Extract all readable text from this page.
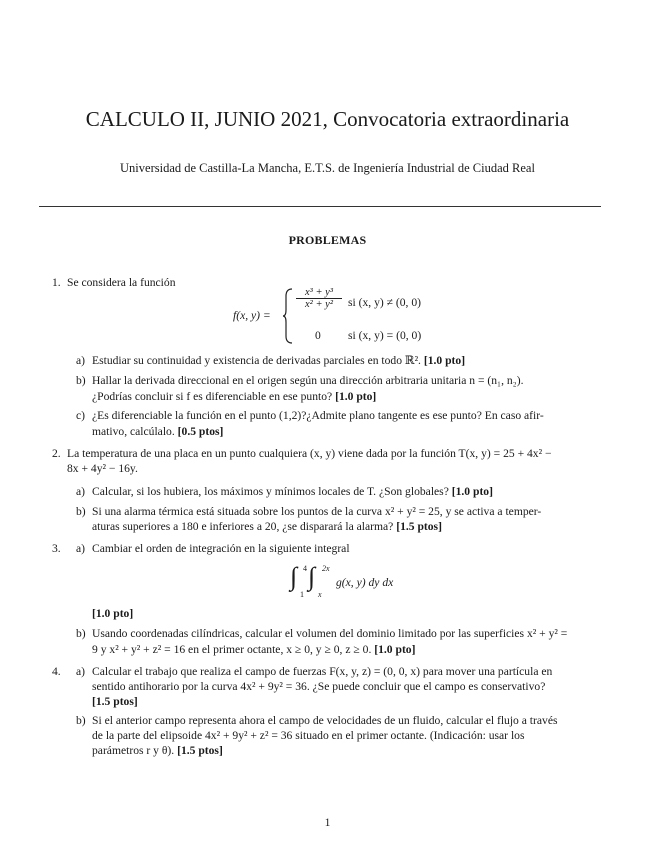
CALCULO II, JUNIO 2021, Convocatoria extraordinaria
Universidad de Castilla-La Mancha, E.T.S. de Ingeniería Industrial de Ciudad Real
PROBLEMAS
1. Se considera la función
f(x, y) =
$\frac{\text{x³ + y³}}{\text{x² + y²}}$ si (x, y) ≠ (0, 0)
0 si (x, y) = (0, 0)
a) Estudiar su continuidad y existencia de derivadas parciales en todo ℝ². [1.0 pto]
b) Hallar la derivada direccional en el origen según una dirección arbitraria unitaria n = (n₁, n₂).
¿Podrías concluir si f es diferenciable en ese punto? [1.0 pto]
c) ¿Es diferenciable la función en el punto (1,2)?¿Admite plano tangente es ese punto? En caso afir-
mativo, calcúlalo. [0.5 ptos]
2. La temperatura de una placa en un punto cualquiera (x, y) viene dada por la función T(x, y) = 25 + 4x² −
8x + 4y² − 16y.
a) Calcular, si los hubiera, los máximos y mínimos locales de T. ¿Son globales? [1.0 pto]
b) Si una alarma térmica está situada sobre los puntos de la curva x² + y² = 25, y se activa a temper-
aturas superiores a 180 e inferiores a 20, ¿se disparará la alarma? [1.5 ptos]
3. a) Cambiar el orden de integración en la siguiente integral
∫ 4
1
∫ 2x
x
g(x, y) dy dx
[1.0 pto]
b) Usando coordenadas cilíndricas, calcular el volumen del dominio limitado por las superficies x² + y² =
9 y x² + y² + z² = 16 en el primer octante, x ≥ 0, y ≥ 0, z ≥ 0. [1.0 pto]
4. a) Calcular el trabajo que realiza el campo de fuerzas F(x, y, z) = (0, 0, x) para mover una partícula en
sentido antihorario por la curva 4x² + 9y² = 36. ¿Se puede concluir que el campo es conservativo?
[1.5 ptos]
b) Si el anterior campo representa ahora el campo de velocidades de un fluido, calcular el flujo a través
de la parte del elipsoide 4x² + 9y² + z² = 36 situado en el primer octante. (Indicación: usar los
parámetros r y θ). [1.5 ptos]
1
